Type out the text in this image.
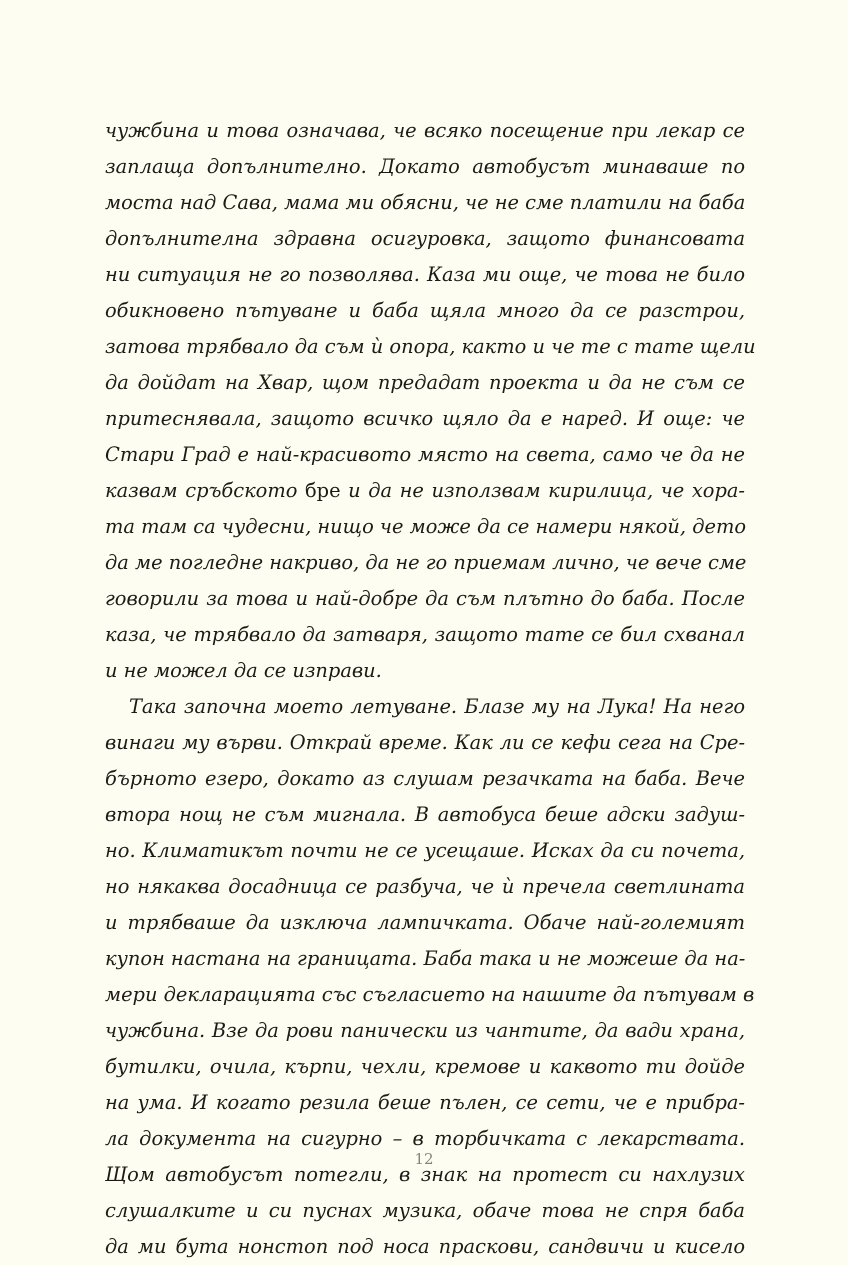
чужбина и това означава, че всяко посещение при лекар се
заплаща допълнително. Докато автобусът минаваше по
моста над Сава, мама ми обясни, че не сме платили на баба
допълнителна здравна осигуровка, защото финансовата
ни ситуация не го позволява. Каза ми още, че това не било
обикновено пътуване и баба щяла много да се разстрои,
затова трябвало да съм ѝ опора, както и че те с тате щели
да дойдат на Хвар, щом предадат проекта и да не съм се
притеснявала, защото всичко щяло да е наред. И още: че
Стари Град е най-красивото място на света, само че да не
казвам сръбското бре и да не използвам кирилица, че хора-
та там са чудесни, нищо че може да се намери някой, дето
да ме погледне накриво, да не го приемам лично, че вече сме
говорили за това и най-добре да съм плътно до баба. После
каза, че трябвало да затваря, защото тате се бил схванал
и не можел да се изправи.
Така започна моето летуване. Блазе му на Лука! На него
винаги му върви. Открай време. Как ли се кефи сега на Сре-
бърното езеро, докато аз слушам резачката на баба. Вече
втора нощ не съм мигнала. В автобуса беше адски задуш-
но. Климатикът почти не се усещаше. Исках да си почета,
но някаква досадница се разбуча, че ѝ пречела светлината
и трябваше да изключа лампичката. Обаче най-големият
купон настана на границата. Баба така и не можеше да на-
мери декларацията със съгласието на нашите да пътувам в
чужбина. Взе да рови панически из чантите, да вади храна,
бутилки, очила, кърпи, чехли, кремове и каквото ти дойде
на ума. И когато резила беше пълен, се сети, че е прибра-
ла документа на сигурно – в торбичката с лекарствата.
Щом автобусът потегли, в знак на протест си нахлузих
слушалките и си пуснах музика, обаче това не спря баба
да ми бута нонстоп под носа праскови, сандвичи и кисело
12
